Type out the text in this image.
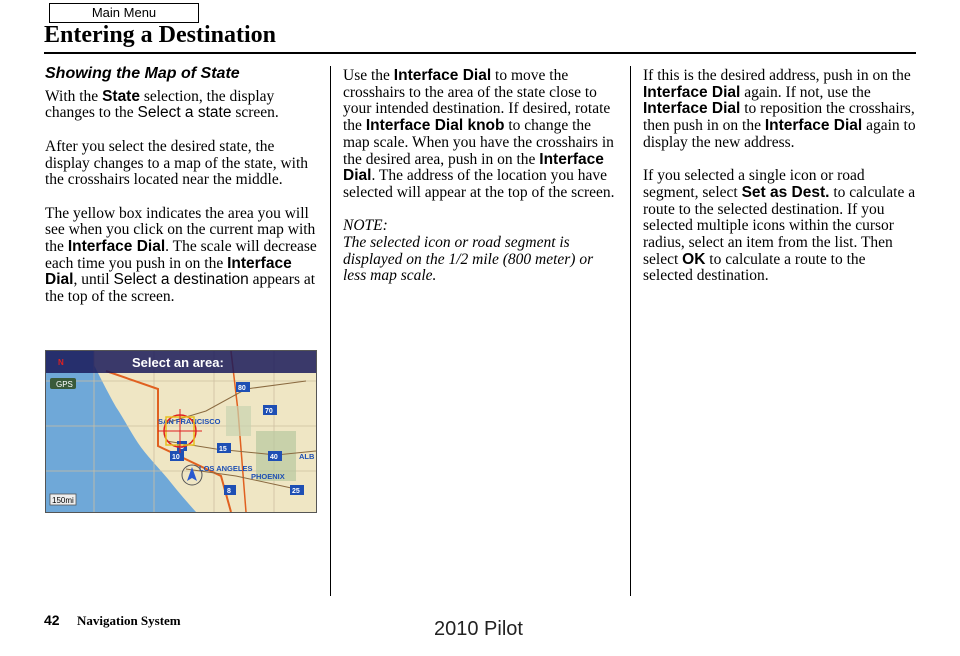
Main Menu
Entering a Destination
Showing the Map of State

With the State selection, the display changes to the Select a state screen.

After you select the desired state, the display changes to a map of the state, with the crosshairs located near the middle.

The yellow box indicates the area you will see when you click on the current map with the Interface Dial. The scale will decrease each time you push in on the Interface Dial, until Select a destination appears at the top of the screen.

Select an area:
N
GPS
SAN FRANCISCO
LOS ANGELES
PHOENIX
ALB
80
70
5	15
40
10
8	25
150mi

Use the Interface Dial to move the crosshairs to the area of the state close to your intended destination. If desired, rotate the Interface Dial knob to change the map scale. When you have the crosshairs in the desired area, push in on the Interface Dial. The address of the location you have selected will appear at the top of the screen.

NOTE:

The selected icon or road segment is displayed on the 1/2 mile (800 meter) or less map scale.

If this is the desired address, push in on the Interface Dial again. If not, use the Interface Dial to reposition the crosshairs, then push in on the Interface Dial again to display the new address.

If you selected a single icon or road segment, select Set as Dest. to calculate a route to the selected destination. If you selected multiple icons within the cursor radius, select an item from the list. Then select OK to calculate a route to the selected destination.

42 Navigation System	2010 Pilot
